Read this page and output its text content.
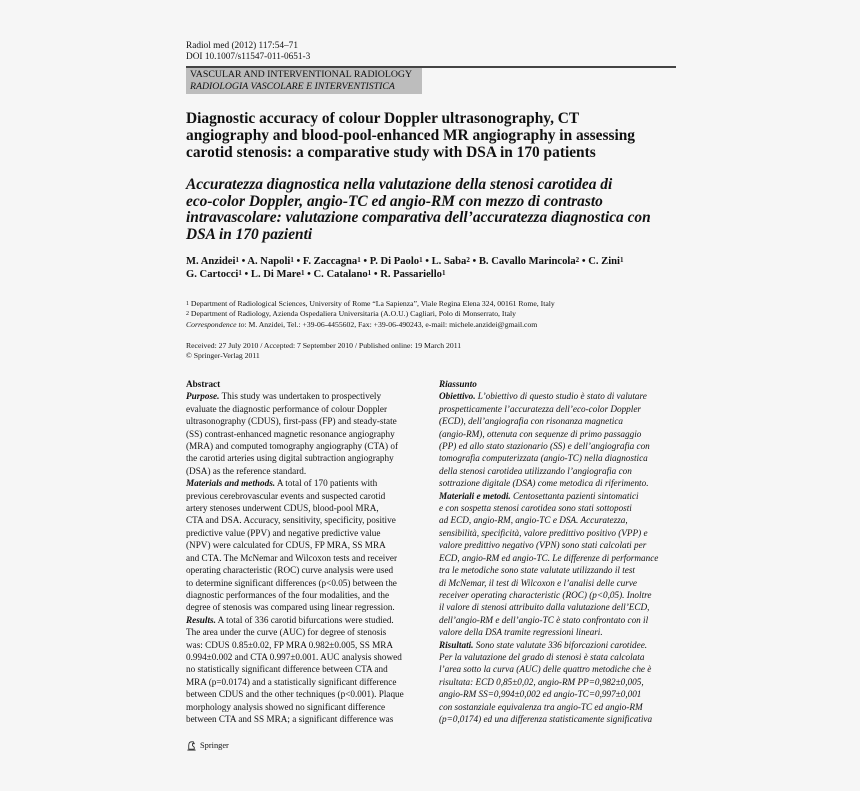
Radiol med (2012) 117:54–71
DOI 10.1007/s11547-011-0651-3
VASCULAR AND INTERVENTIONAL RADIOLOGY
RADIOLOGIA VASCOLARE E INTERVENTISTICA
Diagnostic accuracy of colour Doppler ultrasonography, CT
angiography and blood-pool-enhanced MR angiography in assessing
carotid stenosis: a comparative study with DSA in 170 patients
Accuratezza diagnostica nella valutazione della stenosi carotidea di
eco-color Doppler, angio-TC ed angio-RM con mezzo di contrasto
intravascolare: valutazione comparativa dell’accuratezza diagnostica con
DSA in 170 pazienti
M. Anzidei$^1$ • A. Napoli$^1$ • F. Zaccagna$^1$ • P. Di Paolo$^1$ • L. Saba$^2$ • B. Cavallo Marincola$^2$ • C. Zini$^1$
G. Cartocci$^1$ • L. Di Mare$^1$ • C. Catalano$^1$ • R. Passariello$^1$
$^1$ Department of Radiological Sciences, University of Rome “La Sapienza”, Viale Regina Elena 324, 00161 Rome, Italy
$^2$ Department of Radiology, Azienda Ospedaliera Universitaria (A.O.U.) Cagliari, Polo di Monserrato, Italy
Correspondence to: M. Anzidei, Tel.: +39-06-4455602, Fax: +39-06-490243, e-mail: michele.anzidei@gmail.com
Received: 27 July 2010 / Accepted: 7 September 2010 / Published online: 19 March 2011
© Springer-Verlag 2011
Abstract
Purpose. This study was undertaken to prospectively
evaluate the diagnostic performance of colour Doppler
ultrasonography (CDUS), first-pass (FP) and steady-state
(SS) contrast-enhanced magnetic resonance angiography
(MRA) and computed tomography angiography (CTA) of
the carotid arteries using digital subtraction angiography
(DSA) as the reference standard.
Materials and methods. A total of 170 patients with
previous cerebrovascular events and suspected carotid
artery stenoses underwent CDUS, blood-pool MRA,
CTA and DSA. Accuracy, sensitivity, specificity, positive
predictive value (PPV) and negative predictive value
(NPV) were calculated for CDUS, FP MRA, SS MRA
and CTA. The McNemar and Wilcoxon tests and receiver
operating characteristic (ROC) curve analysis were used
to determine significant differences (p<0.05) between the
diagnostic performances of the four modalities, and the
degree of stenosis was compared using linear regression.
Results. A total of 336 carotid bifurcations were studied.
The area under the curve (AUC) for degree of stenosis
was: CDUS 0.85±0.02, FP MRA 0.982±0.005, SS MRA
0.994±0.002 and CTA 0.997±0.001. AUC analysis showed
no statistically significant difference between CTA and
MRA (p=0.0174) and a statistically significant difference
between CDUS and the other techniques (p<0.001). Plaque
morphology analysis showed no significant difference
between CTA and SS MRA; a significant difference was
Riassunto
Obiettivo. L’obiettivo di questo studio è stato di valutare
prospetticamente l’accuratezza dell’eco-color Doppler
(ECD), dell’angiografia con risonanza magnetica
(angio-RM), ottenuta con sequenze di primo passaggio
(PP) ed allo stato stazionario (SS) e dell’angiografia con
tomografia computerizzata (angio-TC) nella diagnostica
della stenosi carotidea utilizzando l’angiografia con
sottrazione digitale (DSA) come metodica di riferimento.
Materiali e metodi. Centosettanta pazienti sintomatici
e con sospetta stenosi carotidea sono stati sottoposti
ad ECD, angio-RM, angio-TC e DSA. Accuratezza,
sensibilità, specificità, valore predittivo positivo (VPP) e
valore predittivo negativo (VPN) sono stati calcolati per
ECD, angio-RM ed angio-TC. Le differenze di performance
tra le metodiche sono state valutate utilizzando il test
di McNemar, il test di Wilcoxon e l’analisi delle curve
receiver operating characteristic (ROC) (p<0,05). Inoltre
il valore di stenosi attribuito dalla valutazione dell’ECD,
dell’angio-RM e dell’angio-TC è stato confrontato con il
valore della DSA tramite regressioni lineari.
Risultati. Sono state valutate 336 biforcazioni carotidee.
Per la valutazione del grado di stenosi è stata calcolata
l’area sotto la curva (AUC) delle quattro metodiche che è
risultata: ECD 0,85±0,02, angio-RM PP=0,982±0,005,
angio-RM SS=0,994±0,002 ed angio-TC=0,997±0,001
con sostanziale equivalenza tra angio-TC ed angio-RM
(p=0,0174) ed una differenza statisticamente significativa
Springer
